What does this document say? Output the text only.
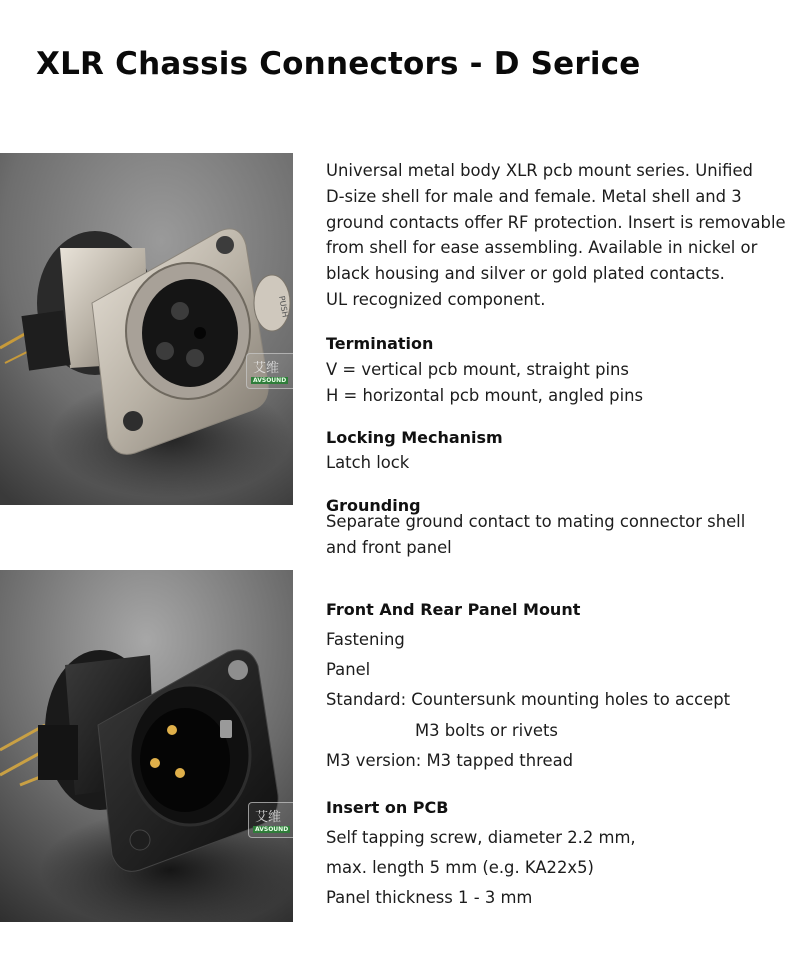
XLR Chassis Connectors - D Serice
PUSH
艾维
AVSOUND
艾维
AVSOUND
Universal metal body XLR pcb mount series. Unified
D-size shell for male and female. Metal shell and 3
ground contacts offer RF protection. Insert is removable
from shell for ease assembling. Available in nickel or
black housing and silver or gold plated contacts.
UL recognized component.
Termination
V = vertical pcb mount, straight pins
H = horizontal pcb mount, angled pins
Locking Mechanism
Latch lock
Grounding
Separate ground contact to mating connector shell
and front panel
Front And Rear Panel Mount
Fastening
Panel
Standard: Countersunk mounting holes to accept
M3 bolts or rivets
M3 version: M3 tapped thread
Insert on PCB
Self tapping screw, diameter 2.2 mm,
max. length 5 mm (e.g. KA22x5)
Panel thickness 1 - 3 mm
